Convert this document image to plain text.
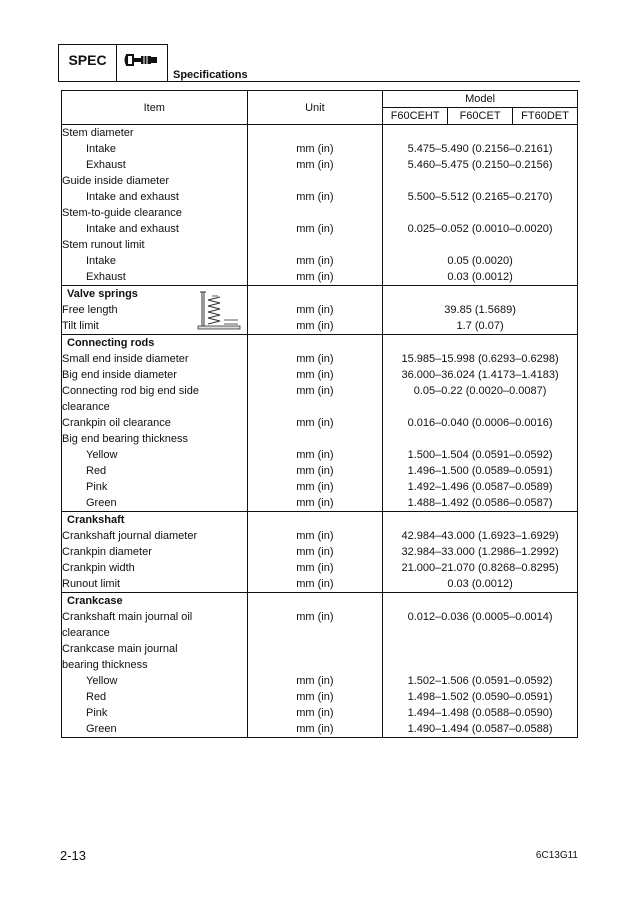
SPEC
Specifications
Item	Unit	Model		
		F60CEHT	F60CET	FT60DET
Stem diameter				
Intake	mm (in)	5.475–5.490 (0.2156–0.2161)		
Exhaust	mm (in)	5.460–5.475 (0.2150–0.2156)		
Guide inside diameter				
Intake and exhaust	mm (in)	5.500–5.512 (0.2165–0.2170)		
Stem-to-guide clearance				
Intake and exhaust	mm (in)	0.025–0.052 (0.0010–0.0020)		
Stem runout limit				
Intake	mm (in)	0.05 (0.0020)		
Exhaust	mm (in)	0.03 (0.0012)		
Valve springs		

Free length	mm (in)	39.85 (1.5689)		
Tilt limit	mm (in)	1.7 (0.07)		
Connecting rods				
Small end inside diameter	mm (in)	15.985–15.998 (0.6293–0.6298)		
Big end inside diameter	mm (in)	36.000–36.024 (1.4173–1.4183)		
Connecting rod big end side	mm (in)	0.05–0.22 (0.0020–0.0087)		
clearance				
Crankpin oil clearance	mm (in)	0.016–0.040 (0.0006–0.0016)		
Big end bearing thickness				
Yellow	mm (in)	1.500–1.504 (0.0591–0.0592)		
Red	mm (in)	1.496–1.500 (0.0589–0.0591)		
Pink	mm (in)	1.492–1.496 (0.0587–0.0589)		
Green	mm (in)	1.488–1.492 (0.0586–0.0587)		
Crankshaft				
Crankshaft journal diameter	mm (in)	42.984–43.000 (1.6923–1.6929)		
Crankpin diameter	mm (in)	32.984–33.000 (1.2986–1.2992)		
Crankpin width	mm (in)	21.000–21.070 (0.8268–0.8295)		
Runout limit	mm (in)	0.03 (0.0012)		
Crankcase				
Crankshaft main journal oil	mm (in)	0.012–0.036 (0.0005–0.0014)		
clearance				
Crankcase main journal				
bearing thickness				
Yellow	mm (in)	1.502–1.506 (0.0591–0.0592)		
Red	mm (in)	1.498–1.502 (0.0590–0.0591)		
Pink	mm (in)	1.494–1.498 (0.0588–0.0590)		
Green	mm (in)	1.490–1.494 (0.0587–0.0588)		
2-13	6C13G11
